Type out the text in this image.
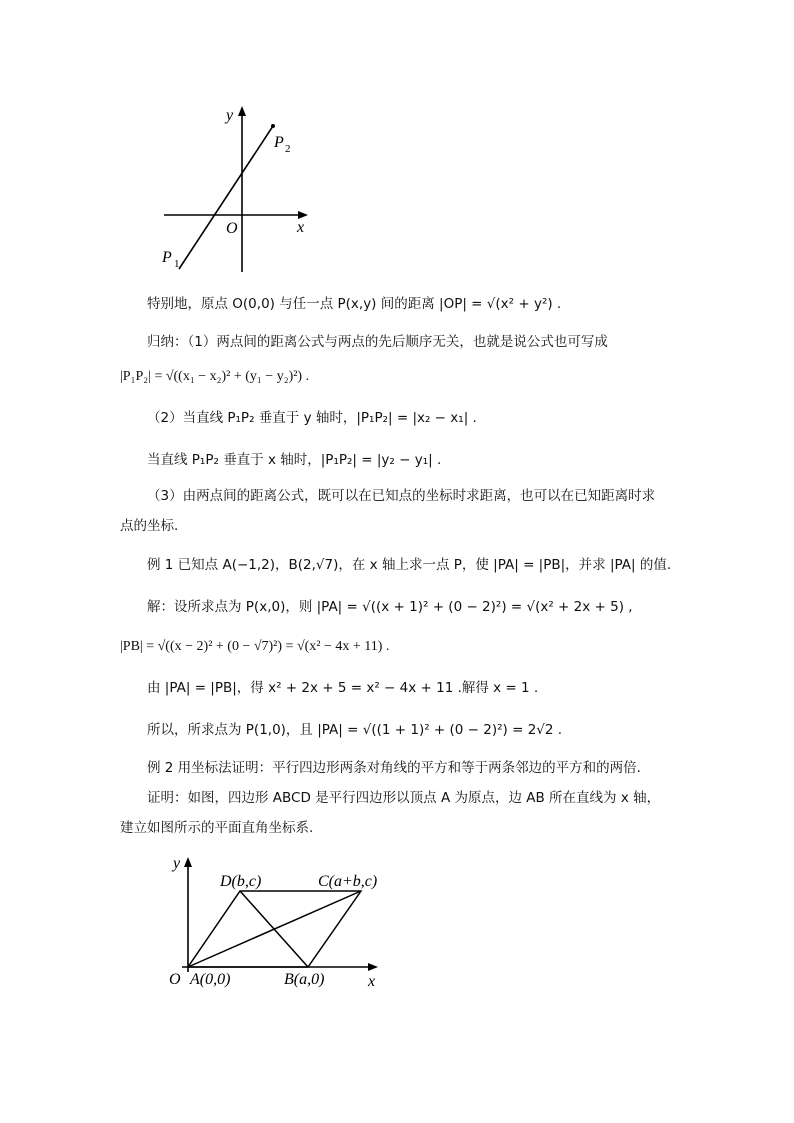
y
x
O
P 1
P 2
特别地，原点 O(0,0) 与任一点 P(x,y) 间的距离 |OP| = √(x² + y²) .
归纳：（1）两点间的距离公式与两点的先后顺序无关，也就是说公式也可写成
|P₁P₂| = √((x₁ − x₂)² + (y₁ − y₂)²) .
（2）当直线 P₁P₂ 垂直于 y 轴时，|P₁P₂| = |x₂ − x₁| .
当直线 P₁P₂ 垂直于 x 轴时，|P₁P₂| = |y₂ − y₁| .
（3）由两点间的距离公式，既可以在已知点的坐标时求距离，也可以在已知距离时求
点的坐标.
例 1 已知点 A(−1,2)，B(2,√7)，在 x 轴上求一点 P，使 |PA| = |PB|，并求 |PA| 的值.
解：设所求点为 P(x,0)，则 |PA| = √((x + 1)² + (0 − 2)²) = √(x² + 2x + 5) ,
|PB| = √((x − 2)² + (0 − √7)²) = √(x² − 4x + 11) .
由 |PA| = |PB|，得 x² + 2x + 5 = x² − 4x + 11 .解得 x = 1 .
所以，所求点为 P(1,0)，且 |PA| = √((1 + 1)² + (0 − 2)²) = 2√2 .
例 2 用坐标法证明：平行四边形两条对角线的平方和等于两条邻边的平方和的两倍.
证明：如图，四边形 ABCD 是平行四边形以顶点 A 为原点，边 AB 所在直线为 x 轴，
建立如图所示的平面直角坐标系.
y
x
O A(0,0)	B(a,0)
C(a+b,c)
D(b,c)
